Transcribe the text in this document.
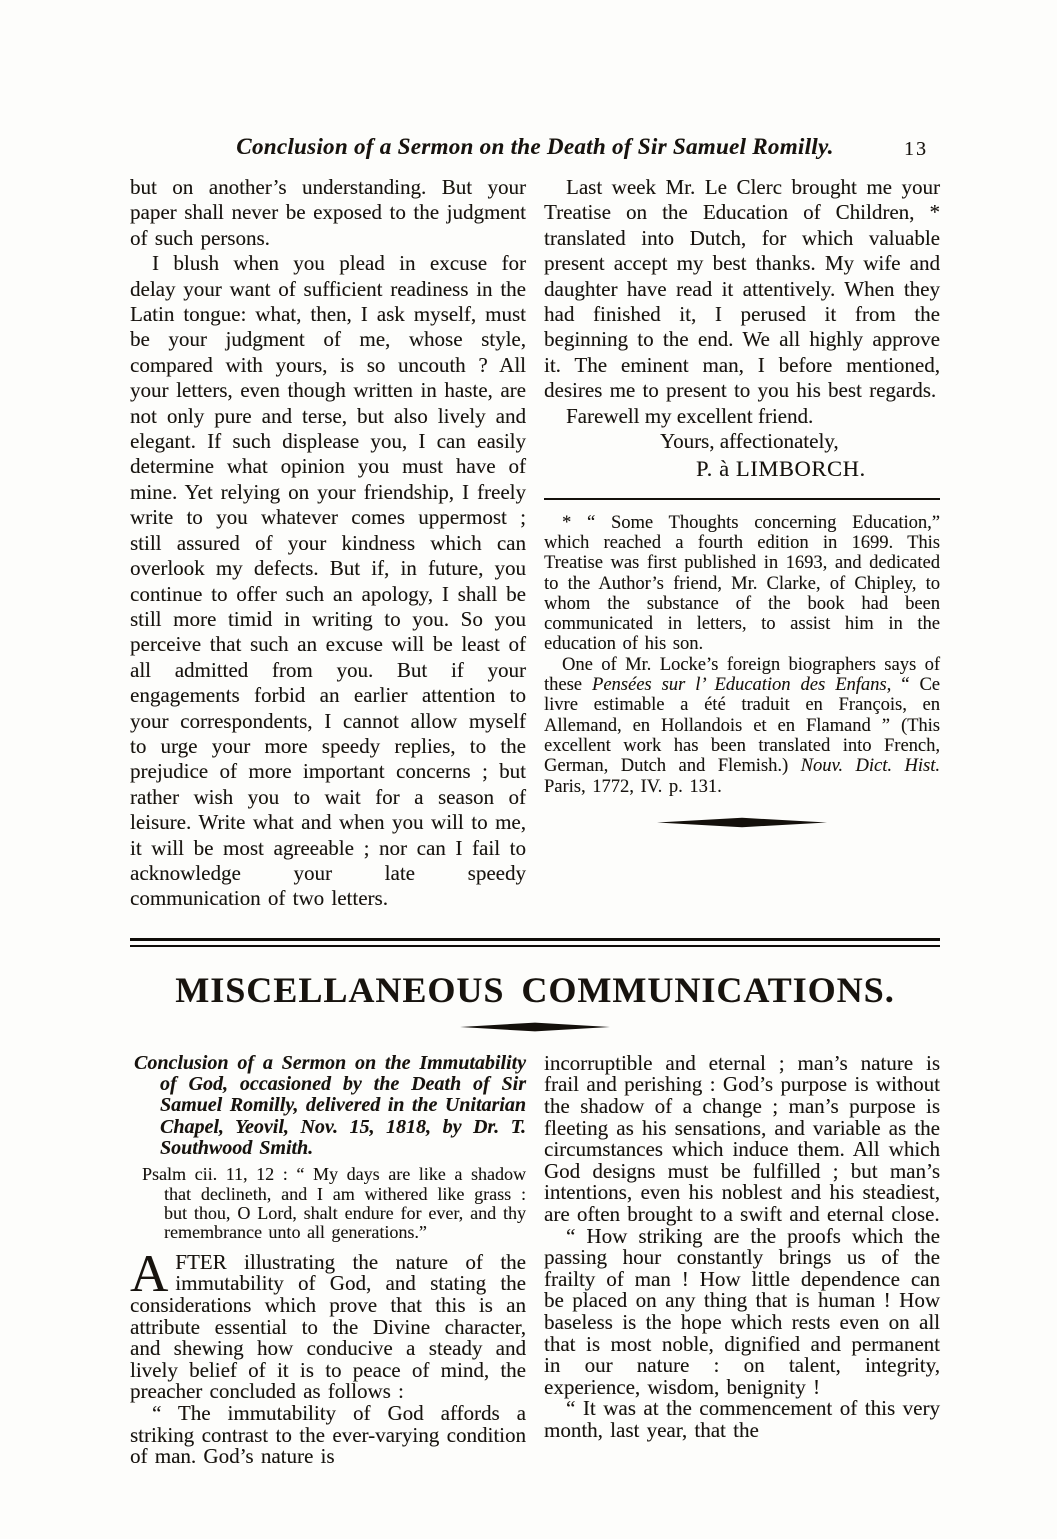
Conclusion of a Sermon on the Death of Sir Samuel Romilly.	13

but on another’s understanding. But your paper shall never be exposed to the judgment of such persons.

I blush when you plead in excuse for delay your want of sufficient readiness in the Latin tongue: what, then, I ask myself, must be your judgment of me, whose style, compared with yours, is so uncouth ? All your letters, even though written in haste, are not only pure and terse, but also lively and elegant. If such displease you, I can easily determine what opinion you must have of mine. Yet relying on your friendship, I freely write to you whatever comes uppermost ; still assured of your kindness which can overlook my defects. But if, in future, you continue to offer such an apology, I shall be still more timid in writing to you. So you perceive that such an excuse will be least of all admitted from you. But if your engagements forbid an earlier attention to your correspondents, I cannot allow myself to urge your more speedy replies, to the prejudice of more important concerns ; but rather wish you to wait for a season of leisure. Write what and when you will to me, it will be most agreeable ; nor can I fail to acknowledge your late speedy communication of two letters.

Last week Mr. Le Clerc brought me your Treatise on the Education of Children, * translated into Dutch, for which valuable present accept my best thanks. My wife and daughter have read it attentively. When they had finished it, I perused it from the beginning to the end. We all highly approve it. The eminent man, I before mentioned, desires me to present to you his best regards.

Farewell my excellent friend.

Yours, affectionately,

P. à LIMBORCH.

* “ Some Thoughts concerning Education,” which reached a fourth edition in 1699. This Treatise was first published in 1693, and dedicated to the Author’s friend, Mr. Clarke, of Chipley, to whom the substance of the book had been communicated in letters, to assist him in the education of his son.

One of Mr. Locke’s foreign biographers says of these Pensées sur l’ Education des Enfans, “ Ce livre estimable a été traduit en François, en Allemand, en Hollandois et en Flamand ” (This excellent work has been translated into French, German, Dutch and Flemish.) Nouv. Dict. Hist. Paris, 1772, IV. p. 131.

MISCELLANEOUS COMMUNICATIONS.

Conclusion of a Sermon on the Immutability of God, occasioned by the Death of Sir Samuel Romilly, delivered in the Unitarian Chapel, Yeovil, Nov. 15, 1818, by Dr. T. Southwood Smith.

Psalm cii. 11, 12 : “ My days are like a shadow that declineth, and I am withered like grass : but thou, O Lord, shalt endure for ever, and thy remembrance unto all generations.”

AFTER illustrating the nature of the immutability of God, and stating the considerations which prove that this is an attribute essential to the Divine character, and shewing how conducive a steady and lively belief of it is to peace of mind, the preacher concluded as follows :

“ The immutability of God affords a striking contrast to the ever-varying condition of man. God’s nature is

incorruptible and eternal ; man’s nature is frail and perishing : God’s purpose is without the shadow of a change ; man’s purpose is fleeting as his sensations, and variable as the circumstances which induce them. All which God designs must be fulfilled ; but man’s intentions, even his noblest and his steadiest, are often brought to a swift and eternal close.

“ How striking are the proofs which the passing hour constantly brings us of the frailty of man ! How little dependence can be placed on any thing that is human ! How baseless is the hope which rests even on all that is most noble, dignified and permanent in our nature : on talent, integrity, experience, wisdom, benignity !

“ It was at the commencement of this very month, last year, that the
